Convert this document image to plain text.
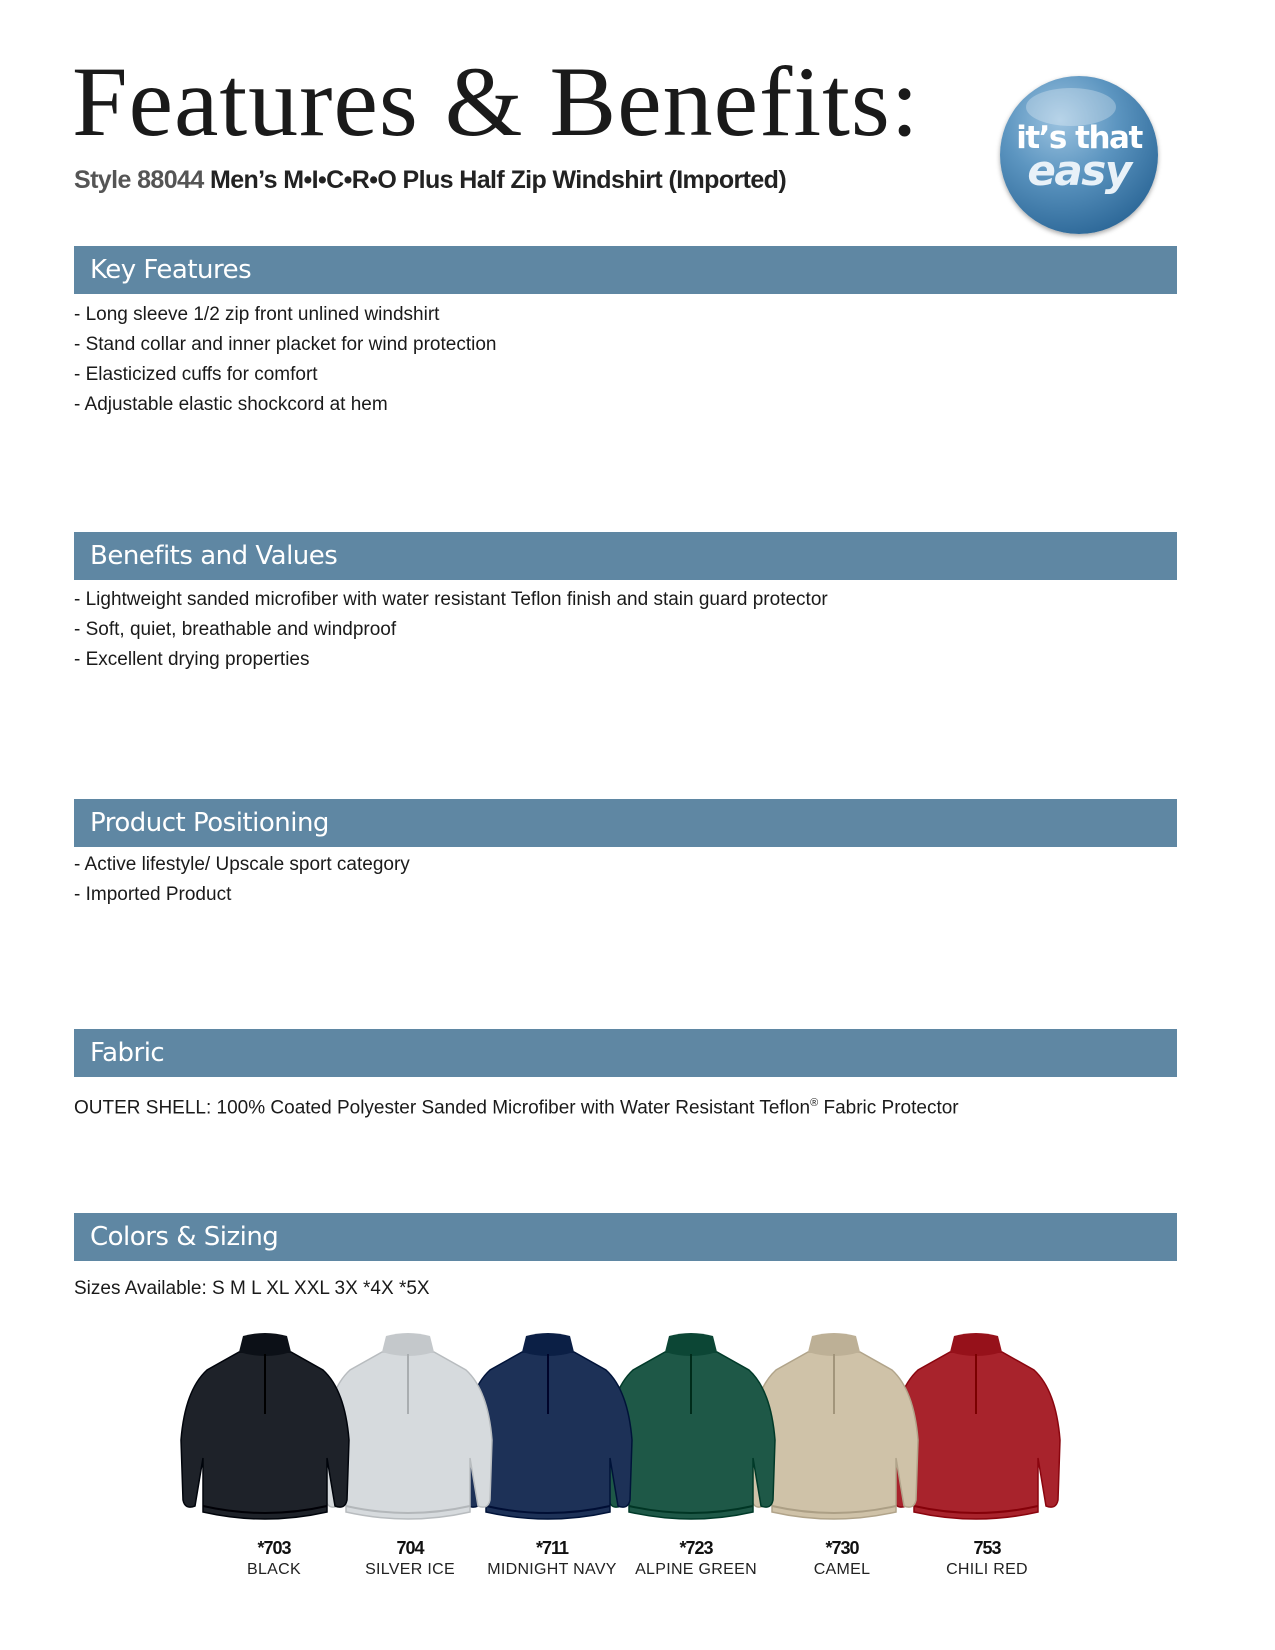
Features & Benefits:
Style 88044 Men’s M•I•C•R•O Plus Half Zip Windshirt (Imported)
it’s that
easy
Key Features
- Long sleeve 1/2 zip front unlined windshirt
- Stand collar and inner placket for wind protection
- Elasticized cuffs for comfort
- Adjustable elastic shockcord at hem
Benefits and Values
- Lightweight sanded microfiber with water resistant Teflon finish and stain guard protector
- Soft, quiet, breathable and windproof
- Excellent drying properties
Product Positioning
- Active lifestyle/ Upscale sport category
- Imported Product
Fabric
OUTER SHELL: 100% Coated Polyester Sanded Microfiber with Water Resistant Teflon® Fabric Protector
Colors & Sizing
Sizes Available: S M L XL XXL 3X *4X *5X
*703
BLACK
704
SILVER ICE
*711
MIDNIGHT NAVY
*723
ALPINE GREEN
*730
CAMEL
753
CHILI RED
